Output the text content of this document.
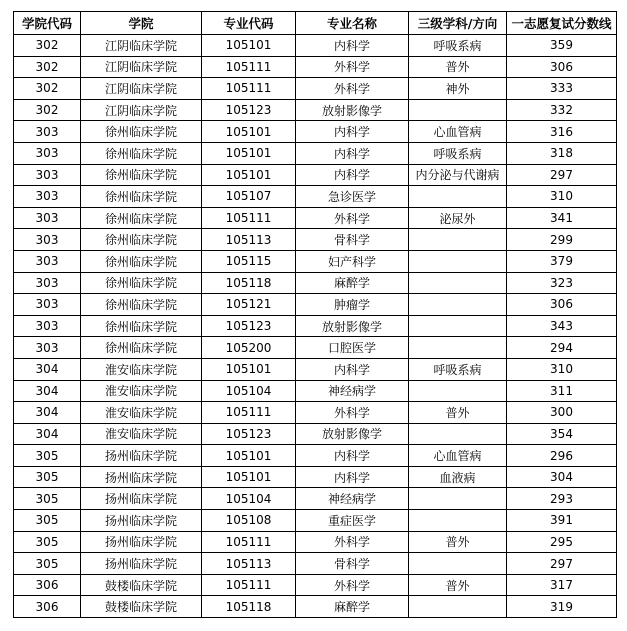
学院代码	学院	专业代码	专业名称	三级学科/方向	一志愿复试分数线
302	江阴临床学院	105101	内科学	呼吸系病	359
302	江阴临床学院	105111	外科学	普外	306
302	江阴临床学院	105111	外科学	神外	333
302	江阴临床学院	105123	放射影像学		332
303	徐州临床学院	105101	内科学	心血管病	316
303	徐州临床学院	105101	内科学	呼吸系病	318
303	徐州临床学院	105101	内科学	内分泌与代谢病	297
303	徐州临床学院	105107	急诊医学		310
303	徐州临床学院	105111	外科学	泌尿外	341
303	徐州临床学院	105113	骨科学		299
303	徐州临床学院	105115	妇产科学		379
303	徐州临床学院	105118	麻醉学		323
303	徐州临床学院	105121	肿瘤学		306
303	徐州临床学院	105123	放射影像学		343
303	徐州临床学院	105200	口腔医学		294
304	淮安临床学院	105101	内科学	呼吸系病	310
304	淮安临床学院	105104	神经病学		311
304	淮安临床学院	105111	外科学	普外	300
304	淮安临床学院	105123	放射影像学		354
305	扬州临床学院	105101	内科学	心血管病	296
305	扬州临床学院	105101	内科学	血液病	304
305	扬州临床学院	105104	神经病学		293
305	扬州临床学院	105108	重症医学		391
305	扬州临床学院	105111	外科学	普外	295
305	扬州临床学院	105113	骨科学		297
306	鼓楼临床学院	105111	外科学	普外	317
306	鼓楼临床学院	105118	麻醉学		319
